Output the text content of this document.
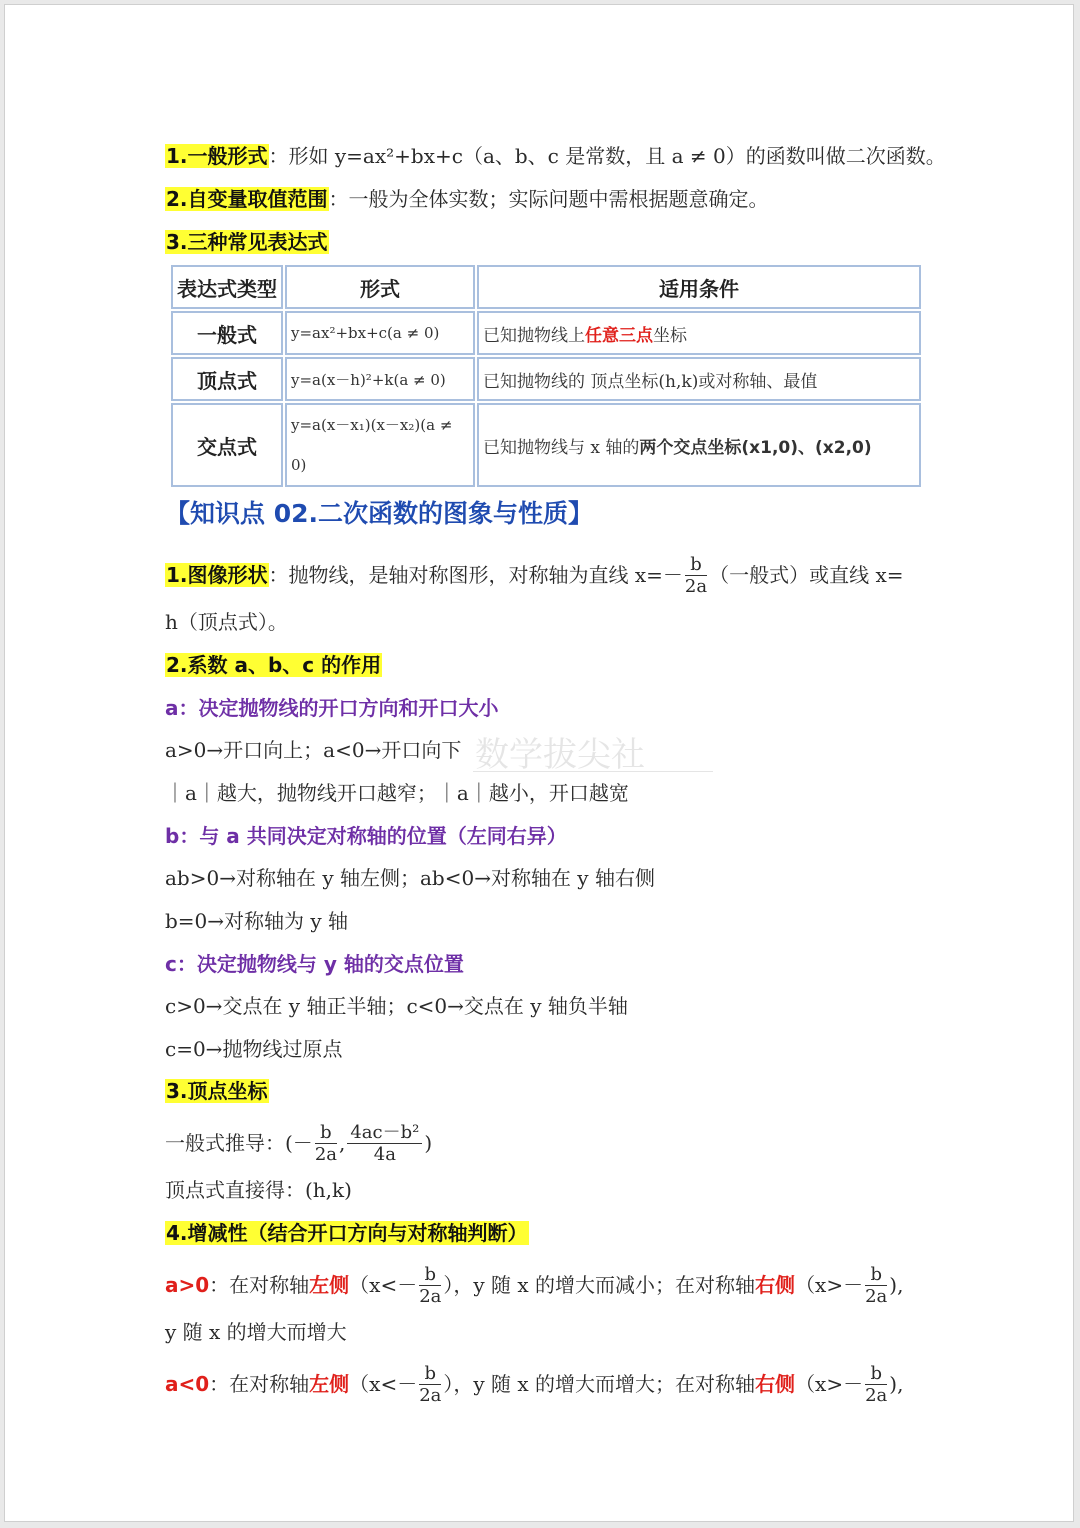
数学拔尖社
1.一般形式：形如 y=ax²+bx+c（a、b、c 是常数，且 a ≠ 0）的函数叫做二次函数。
2.自变量取值范围：一般为全体实数；实际问题中需根据题意确定。
3.三种常见表达式
表达式类型	形式	适用条件
一般式	y=ax²+bx+c(a ≠ 0)	已知抛物线上任意三点坐标
顶点式	y=a(x－h)²+k(a ≠ 0)	已知抛物线的 顶点坐标(h,k)或对称轴、最值
交点式	y=a(x－x₁)(x－x₂)(a ≠ 0)	已知抛物线与 x 轴的两个交点坐标(x1,0)、(x2,0)
【知识点 02.二次函数的图象与性质】
1.图像形状：抛物线，是轴对称图形，对称轴为直线 $x=- \frac{b}{2a}$ （一般式）或直线 x=
h（顶点式）。
2.系数 a、b、c 的作用
a：决定抛物线的开口方向和开口大小
a>0→开口向上；a<0→开口向下
｜a｜越大，抛物线开口越窄；｜a｜越小，开口越宽
b：与 a 共同决定对称轴的位置（左同右异）
ab>0→对称轴在 y 轴左侧；ab<0→对称轴在 y 轴右侧
b=0→对称轴为 y 轴
c：决定抛物线与 y 轴的交点位置
c>0→交点在 y 轴正半轴；c<0→交点在 y 轴负半轴
c=0→抛物线过原点
3.顶点坐标
一般式推导：(－ $\frac{b}{2a}$ , $\frac{\text{4ac－b²}}{4a}$ )
顶点式直接得：(h,k)
4.增减性（结合开口方向与对称轴判断）
a>0：在对称轴左侧（$x<- \frac{b}{2a}$ ），y 随 x 的增大而减小；在对称轴右侧（$x>- \frac{b}{2a}$ ),
y 随 x 的增大而增大
a<0：在对称轴左侧（$x<- \frac{b}{2a}$ ），y 随 x 的增大而增大；在对称轴右侧（$x>- \frac{b}{2a}$ ),
